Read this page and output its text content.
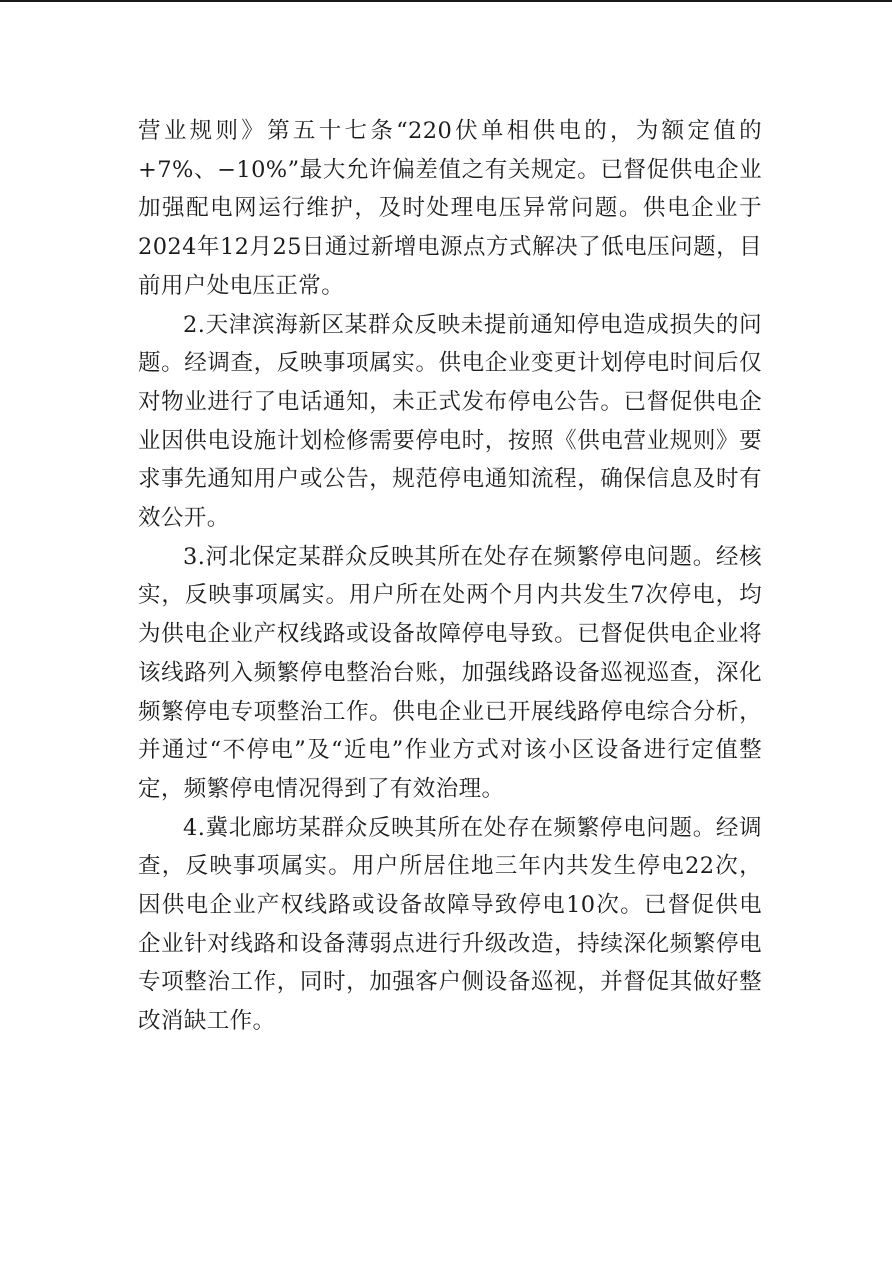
营业规则》第五十七条“220伏单相供电的，为额定值的+7%、−10%”最大允许偏差值之有关规定。已督促供电企业加强配电网运行维护，及时处理电压异常问题。供电企业于2024年12月25日通过新增电源点方式解决了低电压问题，目前用户处电压正常。

2.天津滨海新区某群众反映未提前通知停电造成损失的问题。经调查，反映事项属实。供电企业变更计划停电时间后仅对物业进行了电话通知，未正式发布停电公告。已督促供电企业因供电设施计划检修需要停电时，按照《供电营业规则》要求事先通知用户或公告，规范停电通知流程，确保信息及时有效公开。

3.河北保定某群众反映其所在处存在频繁停电问题。经核实，反映事项属实。用户所在处两个月内共发生7次停电，均为供电企业产权线路或设备故障停电导致。已督促供电企业将该线路列入频繁停电整治台账，加强线路设备巡视巡查，深化频繁停电专项整治工作。供电企业已开展线路停电综合分析，并通过“不停电”及“近电”作业方式对该小区设备进行定值整定，频繁停电情况得到了有效治理。

4.冀北廊坊某群众反映其所在处存在频繁停电问题。经调查，反映事项属实。用户所居住地三年内共发生停电22次，因供电企业产权线路或设备故障导致停电10次。已督促供电企业针对线路和设备薄弱点进行升级改造，持续深化频繁停电专项整治工作，同时，加强客户侧设备巡视，并督促其做好整改消缺工作。
